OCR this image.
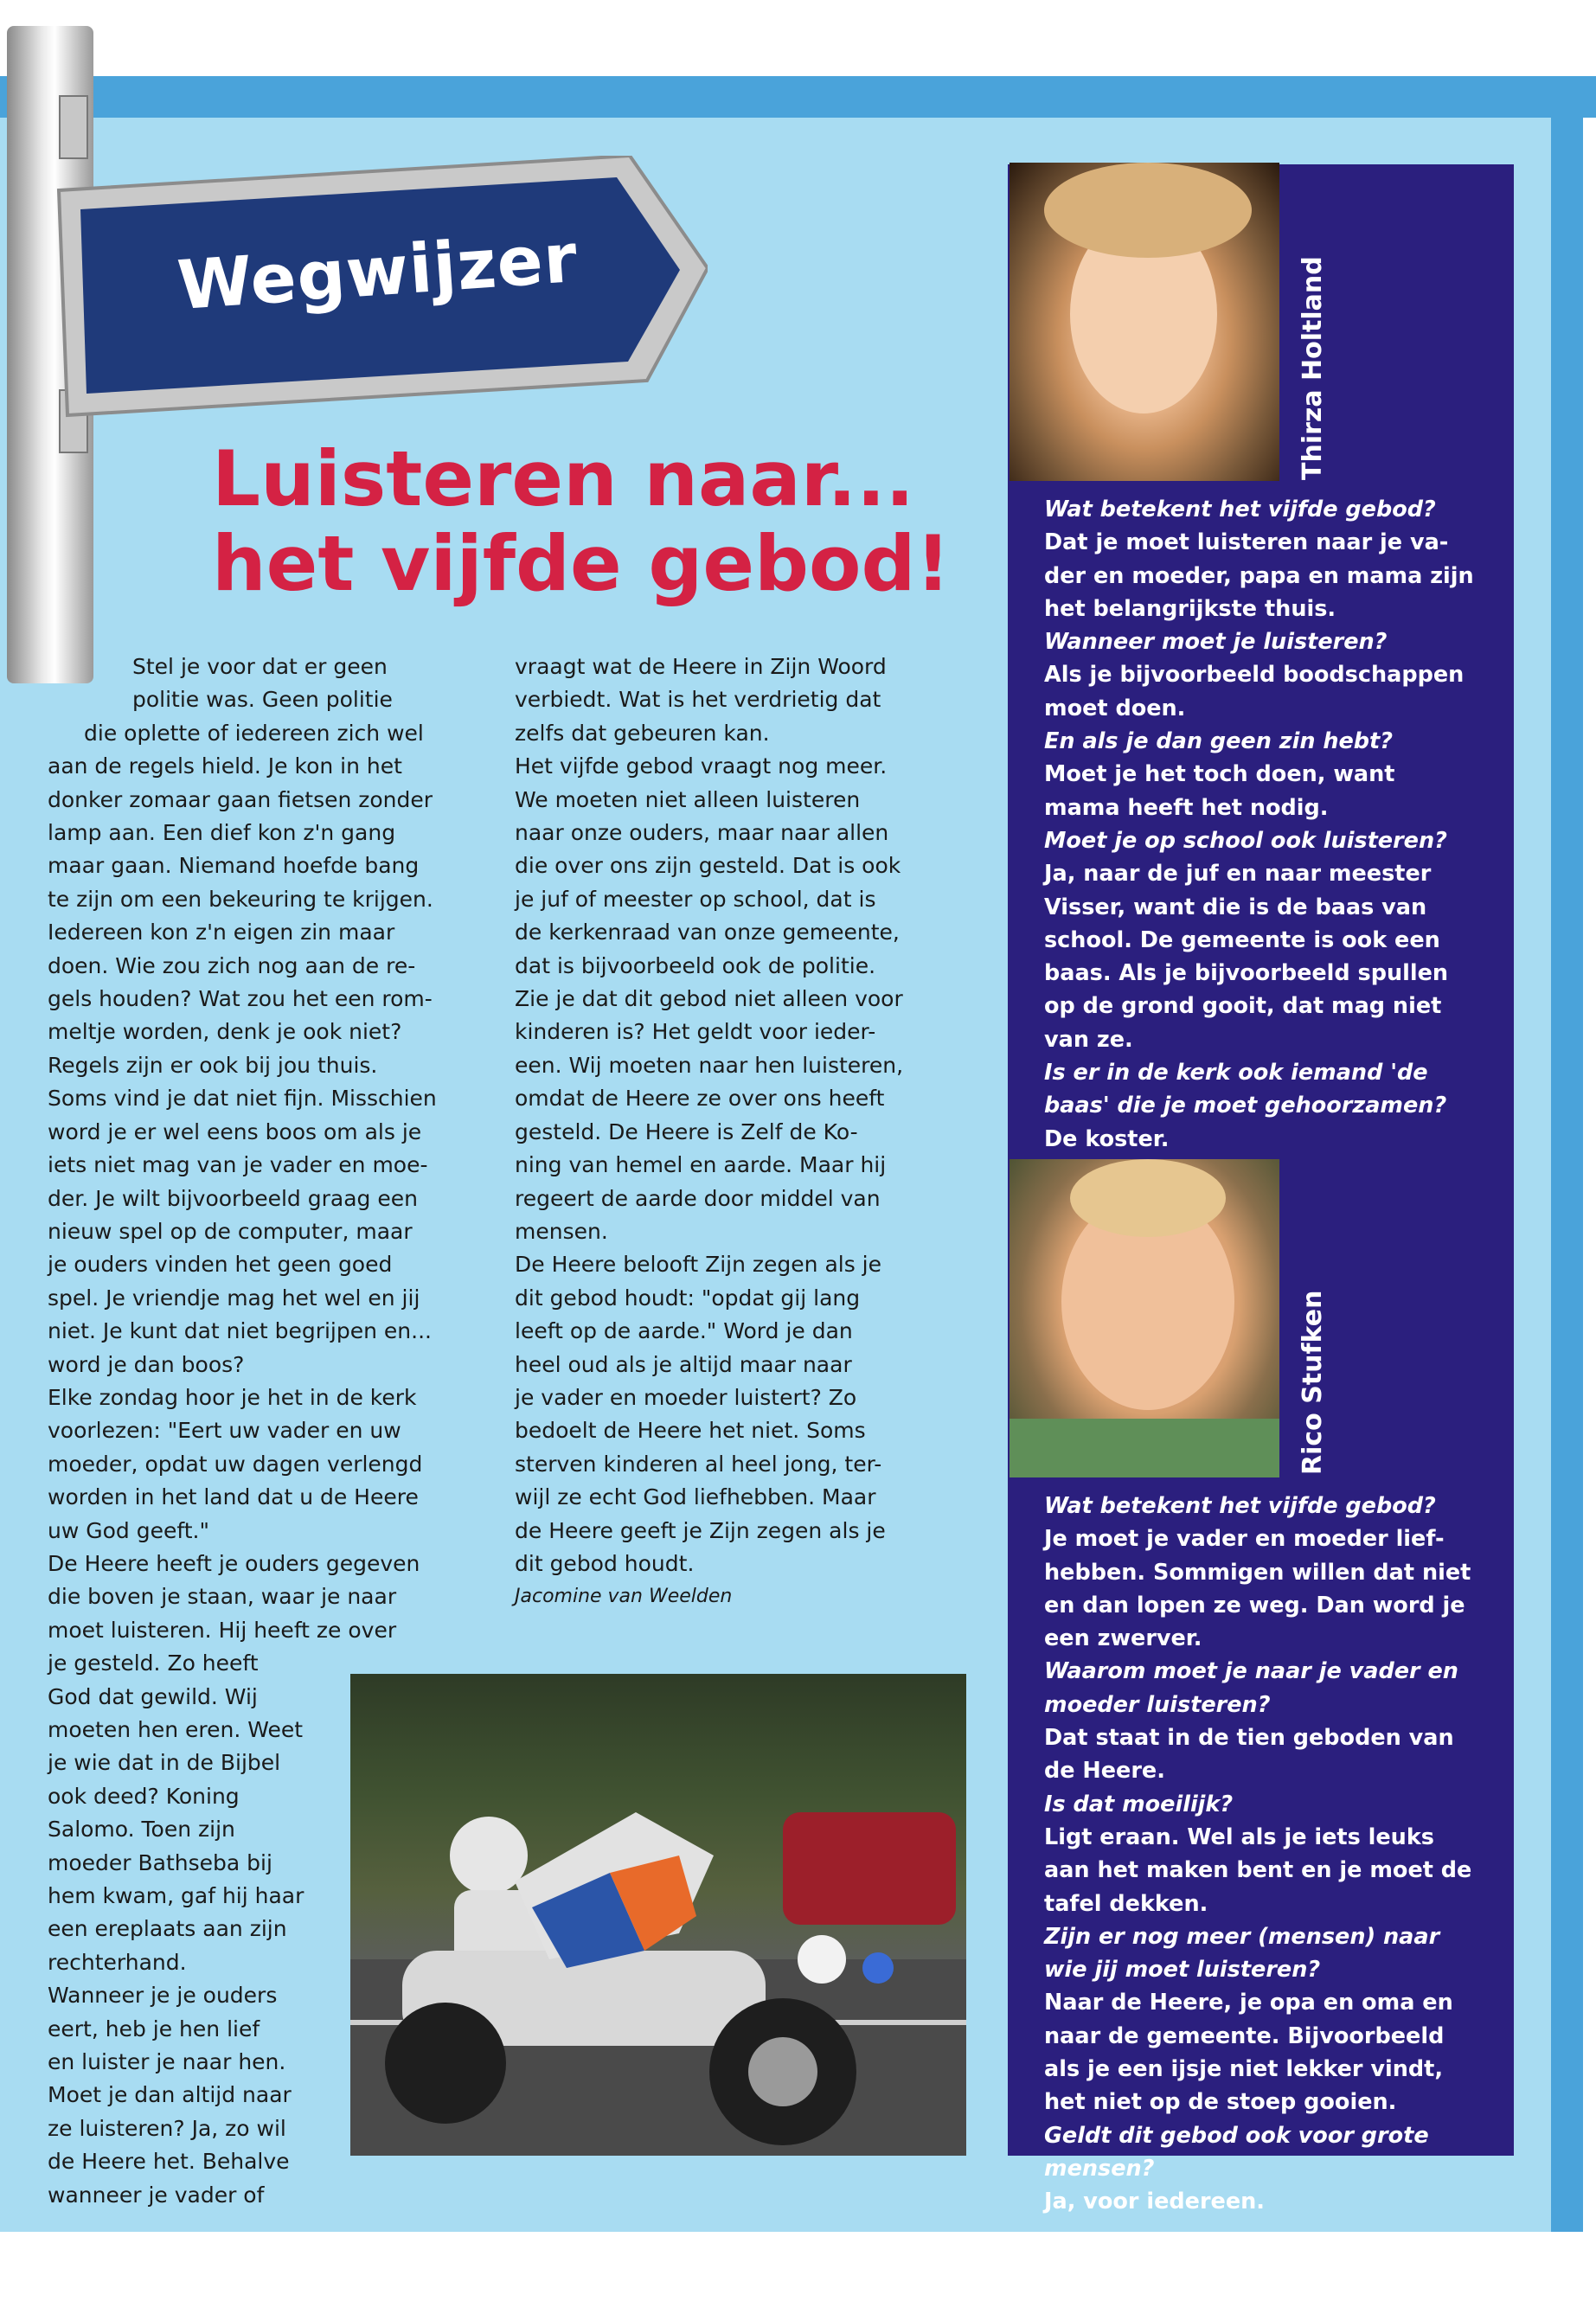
Wegwijzer
Luisteren naar...
het vijfde gebod!

Stel je voor dat er geen

politie was. Geen politie

die oplette of iedereen zich wel

aan de regels hield. Je kon in het

donker zomaar gaan fietsen zonder

lamp aan. Een dief kon z'n gang

maar gaan. Niemand hoefde bang

te zijn om een bekeuring te krijgen.

Iedereen kon z'n eigen zin maar

doen. Wie zou zich nog aan de re-

gels houden? Wat zou het een rom-

meltje worden, denk je ook niet?

Regels zijn er ook bij jou thuis.

Soms vind je dat niet fijn. Misschien

word je er wel eens boos om als je

iets niet mag van je vader en moe-

der. Je wilt bijvoorbeeld graag een

nieuw spel op de computer, maar

je ouders vinden het geen goed

spel. Je vriendje mag het wel en jij

niet. Je kunt dat niet begrijpen en...

word je dan boos?

Elke zondag hoor je het in de kerk

voorlezen: "Eert uw vader en uw

moeder, opdat uw dagen verlengd

worden in het land dat u de Heere

uw God geeft."

De Heere heeft je ouders gegeven

die boven je staan, waar je naar

moet luisteren. Hij heeft ze over

je gesteld. Zo heeft

God dat gewild. Wij

moeten hen eren. Weet

je wie dat in de Bijbel

ook deed? Koning

Salomo. Toen zijn

moeder Bathseba bij

hem kwam, gaf hij haar

een ereplaats aan zijn

rechterhand.

Wanneer je je ouders

eert, heb je hen lief

en luister je naar hen.

Moet je dan altijd naar

ze luisteren? Ja, zo wil

de Heere het. Behalve

wanneer je vader of

vraagt wat de Heere in Zijn Woord

verbiedt. Wat is het verdrietig dat

zelfs dat gebeuren kan.

Het vijfde gebod vraagt nog meer.

We moeten niet alleen luisteren

naar onze ouders, maar naar allen

die over ons zijn gesteld. Dat is ook

je juf of meester op school, dat is

de kerkenraad van onze gemeente,

dat is bijvoorbeeld ook de politie.

Zie je dat dit gebod niet alleen voor

kinderen is? Het geldt voor ieder-

een. Wij moeten naar hen luisteren,

omdat de Heere ze over ons heeft

gesteld. De Heere is Zelf de Ko-

ning van hemel en aarde. Maar hij

regeert de aarde door middel van

mensen.

De Heere belooft Zijn zegen als je

dit gebod houdt: "opdat gij lang

leeft op de aarde." Word je dan

heel oud als je altijd maar naar

je vader en moeder luistert? Zo

bedoelt de Heere het niet. Soms

sterven kinderen al heel jong, ter-

wijl ze echt God liefhebben. Maar

de Heere geeft je Zijn zegen als je

dit gebod houdt.

Jacomine van Weelden

Thirza Holtland

Wat betekent het vijfde gebod?

Dat je moet luisteren naar je va-

der en moeder, papa en mama zijn

het belangrijkste thuis.

Wanneer moet je luisteren?

Als je bijvoorbeeld boodschappen

moet doen.

En als je dan geen zin hebt?

Moet je het toch doen, want

mama heeft het nodig.

Moet je op school ook luisteren?

Ja, naar de juf en naar meester

Visser, want die is de baas van

school. De gemeente is ook een

baas. Als je bijvoorbeeld spullen

op de grond gooit, dat mag niet

van ze.

Is er in de kerk ook iemand 'de

baas' die je moet gehoorzamen?

De koster.

Rico Stufken

Wat betekent het vijfde gebod?

Je moet je vader en moeder lief-

hebben. Sommigen willen dat niet

en dan lopen ze weg. Dan word je

een zwerver.

Waarom moet je naar je vader en

moeder luisteren?

Dat staat in de tien geboden van

de Heere.

Is dat moeilijk?

Ligt eraan. Wel als je iets leuks

aan het maken bent en je moet de

tafel dekken.

Zijn er nog meer (mensen) naar

wie jij moet luisteren?

Naar de Heere, je opa en oma en

naar de gemeente. Bijvoorbeeld

als je een ijsje niet lekker vindt,

het niet op de stoep gooien.

Geldt dit gebod ook voor grote

mensen?

Ja, voor iedereen.
